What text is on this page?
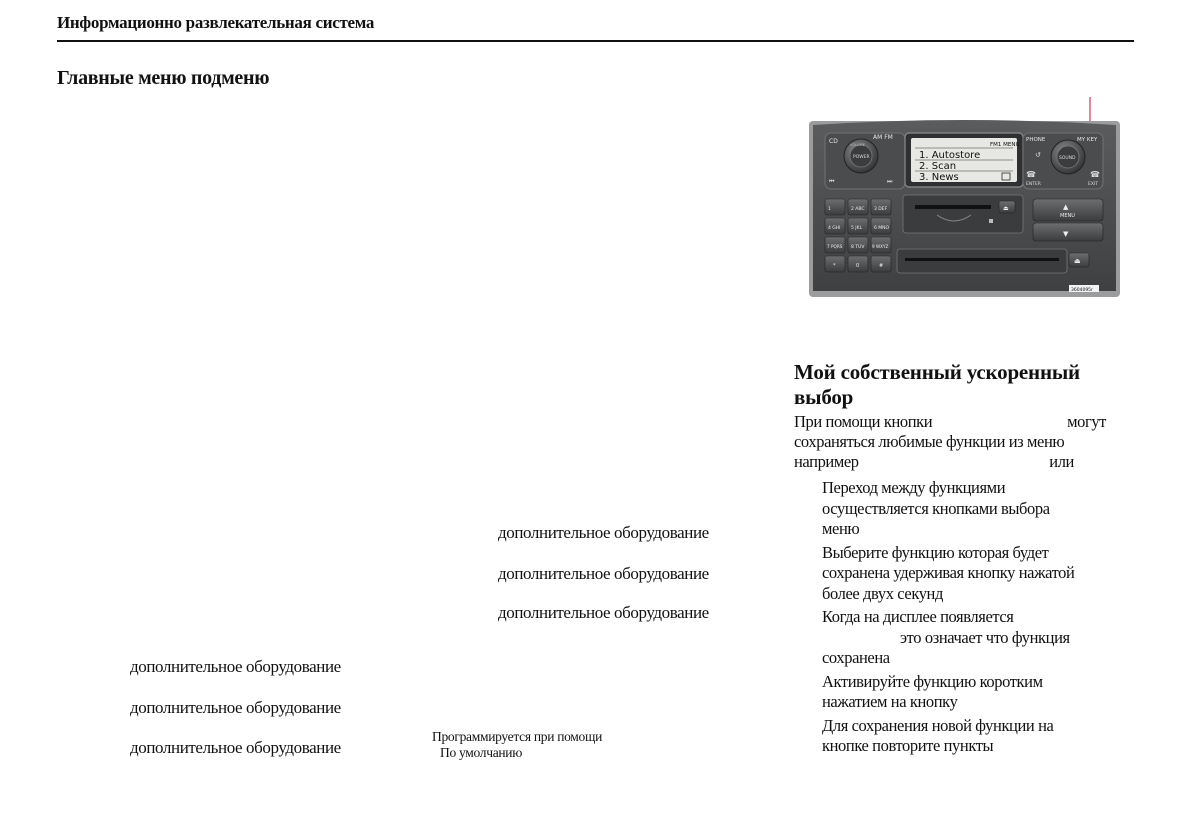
Информационно развлекательная система
Главные меню подменю
дополнительное оборудование
дополнительное оборудование
дополнительное оборудование
дополнительное оборудование
дополнительное оборудование
дополнительное оборудование
Программируется при помощи
По умолчанию
CD
AM FM
POWER
VOLUME
⏮	⏭
FM1 MENU
1. Autostore
2. Scan
3. News
PHONE	MY KEY
SOUND
↺
☎
ENTER
☎
EXIT
1	2 ABC 3 DEF
4 GHI 5 JKL	6 MNO
7 PQRS 8 TUV 9 WXYZ
*	0	#
⏏	▲
MENU
▼
⏏
3604095r
Мой собственный ускоренный выбор
При помощи кнопки	могут
сохраняться любимые функции из меню
например	или
Переход между функциями осуществляется кнопками выбора меню
Выберите функцию которая будет сохранена удерживая кнопку нажатой более двух секунд
Когда на дисплее появляется
это означает что функция
сохранена
Активируйте функцию коротким нажатием на кнопку
Для сохранения новой функции на кнопке повторите пункты
